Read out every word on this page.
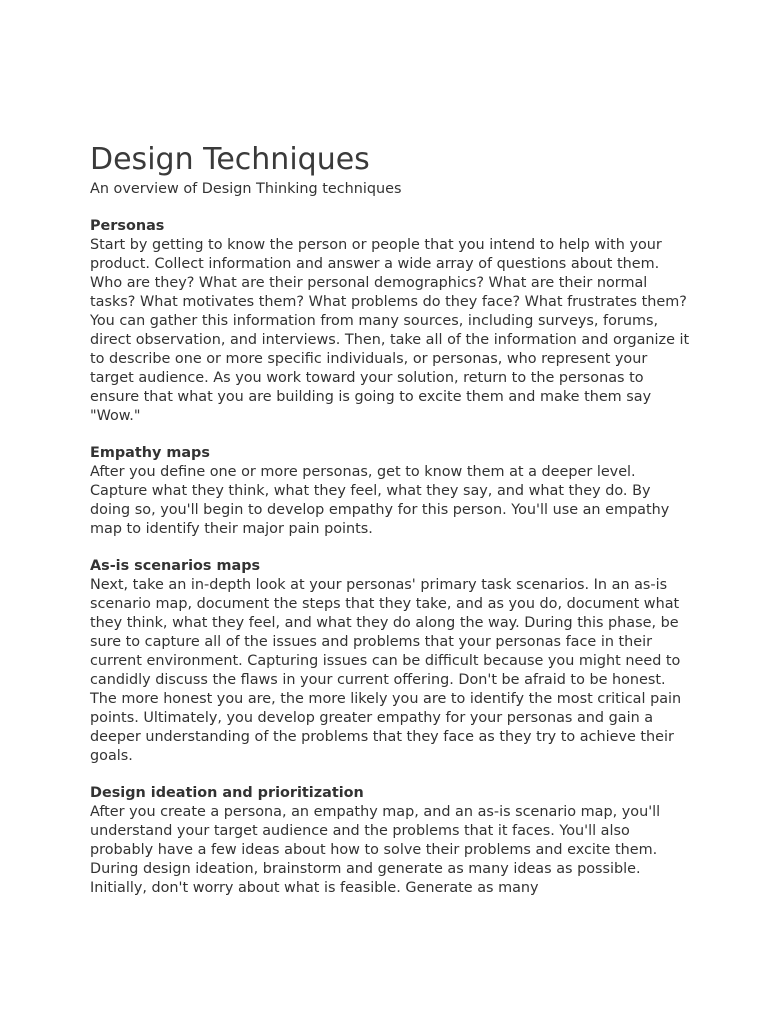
Design Techniques

An overview of Design Thinking techniques

Personas

Start by getting to know the person or people that you intend to help with your product. Collect information and answer a wide array of questions about them. Who are they? What are their personal demographics? What are their normal tasks? What motivates them? What problems do they face? What frustrates them?

You can gather this information from many sources, including surveys, forums, direct observation, and interviews. Then, take all of the information and organize it to describe one or more specific individuals, or personas, who represent your target audience. As you work toward your solution, return to the personas to ensure that what you are building is going to excite them and make them say "Wow."

Empathy maps

After you define one or more personas, get to know them at a deeper level. Capture what they think, what they feel, what they say, and what they do. By doing so, you'll begin to develop empathy for this person. You'll use an empathy map to identify their major pain points.

As-is scenarios maps

Next, take an in-depth look at your personas' primary task scenarios. In an as-is scenario map, document the steps that they take, and as you do, document what they think, what they feel, and what they do along the way. During this phase, be sure to capture all of the issues and problems that your personas face in their current environment. Capturing issues can be difficult because you might need to candidly discuss the flaws in your current offering. Don't be afraid to be honest. The more honest you are, the more likely you are to identify the most critical pain points. Ultimately, you develop greater empathy for your personas and gain a deeper understanding of the problems that they face as they try to achieve their goals.

Design ideation and prioritization

After you create a persona, an empathy map, and an as-is scenario map, you'll understand your target audience and the problems that it faces. You'll also probably have a few ideas about how to solve their problems and excite them. During design ideation, brainstorm and generate as many ideas as possible. Initially, don't worry about what is feasible. Generate as many
